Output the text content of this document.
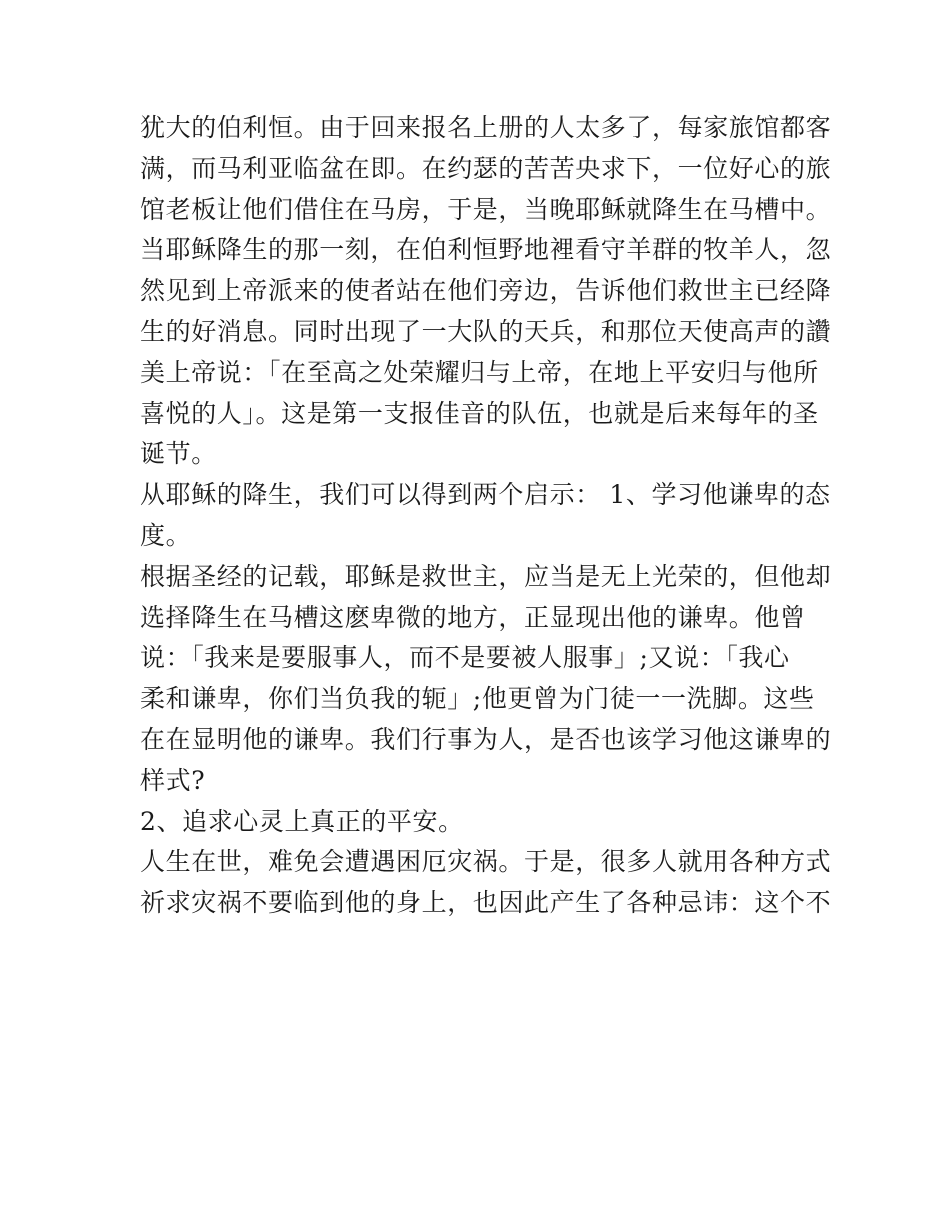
犹大的伯利恒。由于回来报名上册的人太多了，每家旅馆都客
满，而马利亚临盆在即。在约瑟的苦苦央求下，一位好心的旅
馆老板让他们借住在马房，于是，当晚耶稣就降生在马槽中。
当耶稣降生的那一刻，在伯利恒野地裡看守羊群的牧羊人，忽
然见到上帝派来的使者站在他们旁边，告诉他们救世主已经降
生的好消息。同时出现了一大队的天兵，和那位天使高声的讚
美上帝说：「在至高之处荣耀归与上帝，在地上平安归与他所
喜悦的人」。这是第一支报佳音的队伍，也就是后来每年的圣
诞节。
从耶稣的降生，我们可以得到两个启示： 1、学习他谦卑的态
度。
根据圣经的记载，耶稣是救世主，应当是无上光荣的，但他却
选择降生在马槽这麽卑微的地方，正显现出他的谦卑。他曾
说：「我来是要服事人，而不是要被人服事」;又说：「我心
柔和谦卑，你们当负我的轭」;他更曾为门徒一一洗脚。这些
在在显明他的谦卑。我们行事为人，是否也该学习他这谦卑的
样式?
2、追求心灵上真正的平安。
人生在世，难免会遭遇困厄灾祸。于是，很多人就用各种方式
祈求灾祸不要临到他的身上，也因此产生了各种忌讳：这个不
